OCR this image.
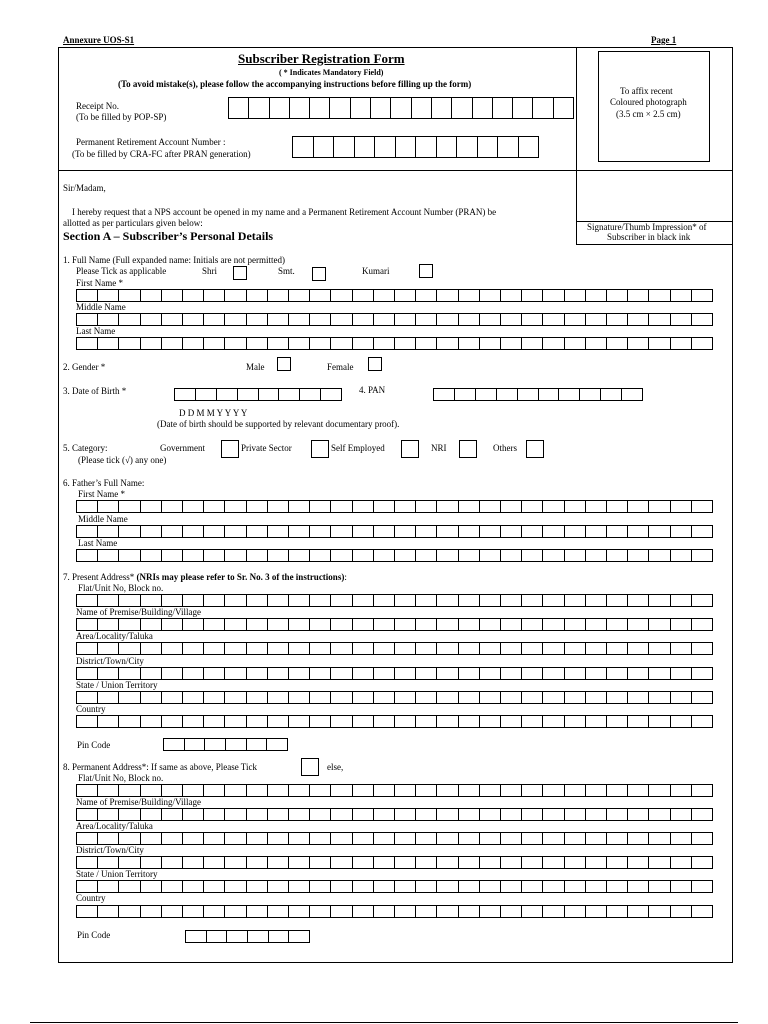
Annexure UOS-S1	Page 1
Subscriber Registration Form
( * Indicates Mandatory Field)
(To avoid mistake(s), please follow the accompanying instructions before filling up the form)
Receipt No.
(To be filled by POP-SP)
Permanent Retirement Account Number :
(To be filled by CRA-FC after PRAN generation)
To affix recent
Coloured photograph
(3.5 cm × 2.5 cm)
Signature/Thumb Impression* of
Subscriber in black ink
Sir/Madam,
I hereby request that a NPS account be opened in my name and a Permanent Retirement Account Number (PRAN) be
allotted as per particulars given below:
Section A – Subscriber’s Personal Details
1. Full Name (Full expanded name: Initials are not permitted)
Please Tick as applicable	Shri	Smt.	Kumari
First Name *
Middle Name
Last Name
2. Gender *	Male	Female
3. Date of Birth *
D D M M Y Y Y Y
(Date of birth should be supported by relevant documentary proof).
4. PAN
5. Category:
(Please tick (√) any one)
Government	Private Sector	Self Employed	NRI	Others
6. Father’s Full Name:
First Name *
Middle Name
Last Name
7. Present Address* (NRIs may please refer to Sr. No. 3 of the instructions):
Flat/Unit No, Block no.
Name of Premise/Building/Village
Area/Locality/Taluka
District/Town/City
State / Union Territory
Country
Pin Code
8. Permanent Address*: If same as above, Please Tick	else,
Flat/Unit No, Block no.
Name of Premise/Building/Village
Area/Locality/Taluka
District/Town/City
State / Union Territory
Country
Pin Code
